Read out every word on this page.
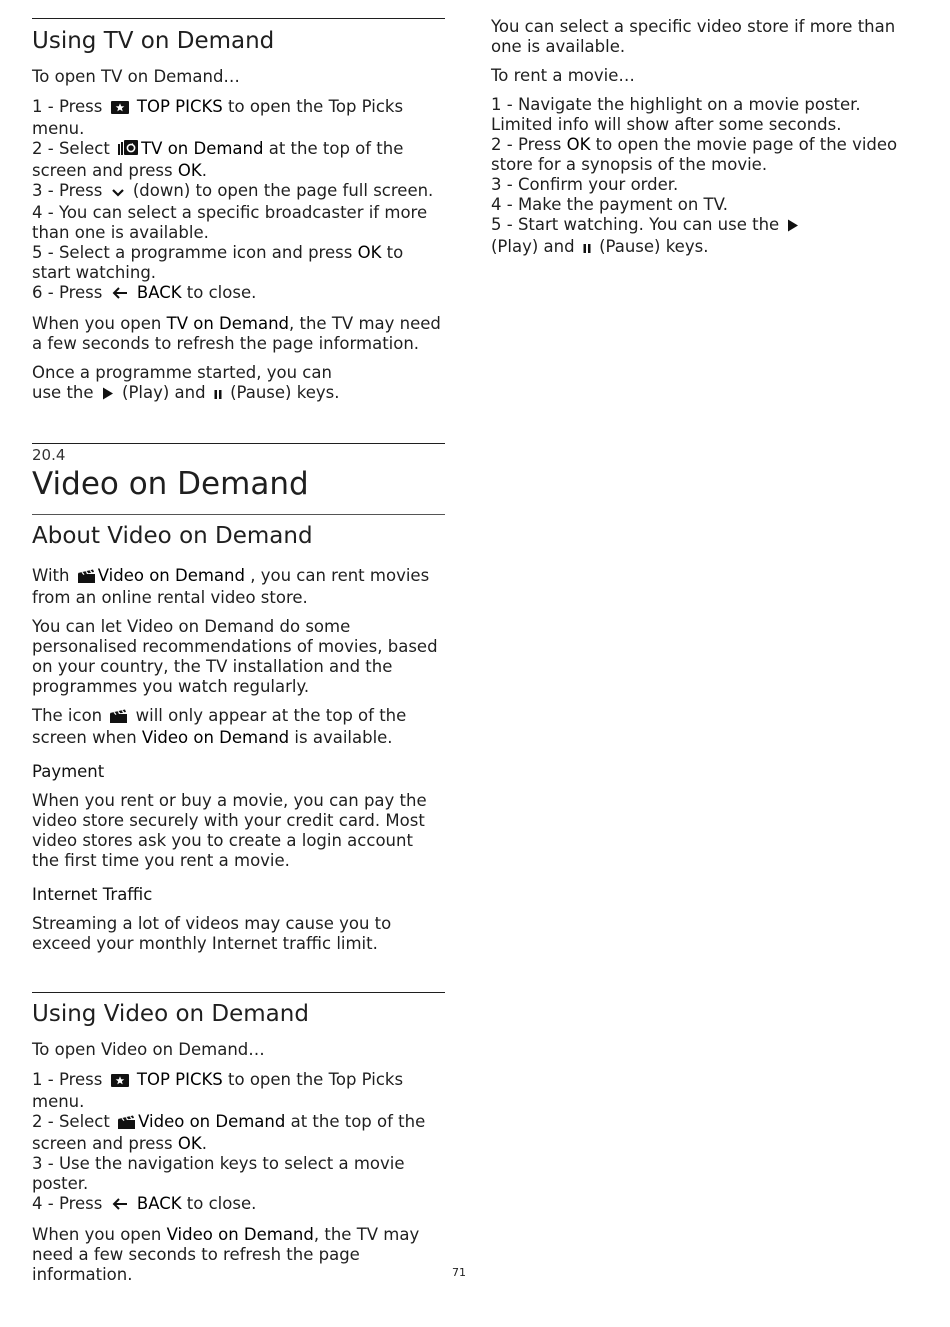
Using TV on Demand

To open TV on Demand…

1 - Press  TOP PICKS to open the Top Picks menu.
2 - Select TV on Demand at the top of the screen and press OK.
3 - Press  (down) to open the page full screen.
4 - You can select a specific broadcaster if more than one is available.
5 - Select a programme icon and press OK to start watching.
6 - Press  BACK to close.

When you open TV on Demand, the TV may need a few seconds to refresh the page information.

Once a programme started, you can use the  (Play) and  (Pause) keys.

20.4
Video on Demand
About Video on Demand

With Video on Demand , you can rent movies from an online rental video store.

You can let Video on Demand do some personalised recommendations of movies, based on your country, the TV installation and the programmes you watch regularly.

The icon  will only appear at the top of the screen when Video on Demand is available.

Payment

When you rent or buy a movie, you can pay the video store securely with your credit card. Most video stores ask you to create a login account the first time you rent a movie.

Internet Traffic

Streaming a lot of videos may cause you to exceed your monthly Internet traffic limit.

Using Video on Demand

To open Video on Demand…

1 - Press  TOP PICKS to open the Top Picks menu.
2 - Select Video on Demand at the top of the screen and press OK.
3 - Use the navigation keys to select a movie poster.
4 - Press  BACK to close.

When you open Video on Demand, the TV may need a few seconds to refresh the page information.

You can select a specific video store if more than one is available.

To rent a movie…

1 - Navigate the highlight on a movie poster. Limited info will show after some seconds.
2 - Press OK to open the movie page of the video store for a synopsis of the movie.
3 - Confirm your order.
4 - Make the payment on TV.
5 - Start watching. You can use the  (Play) and  (Pause) keys.
71
